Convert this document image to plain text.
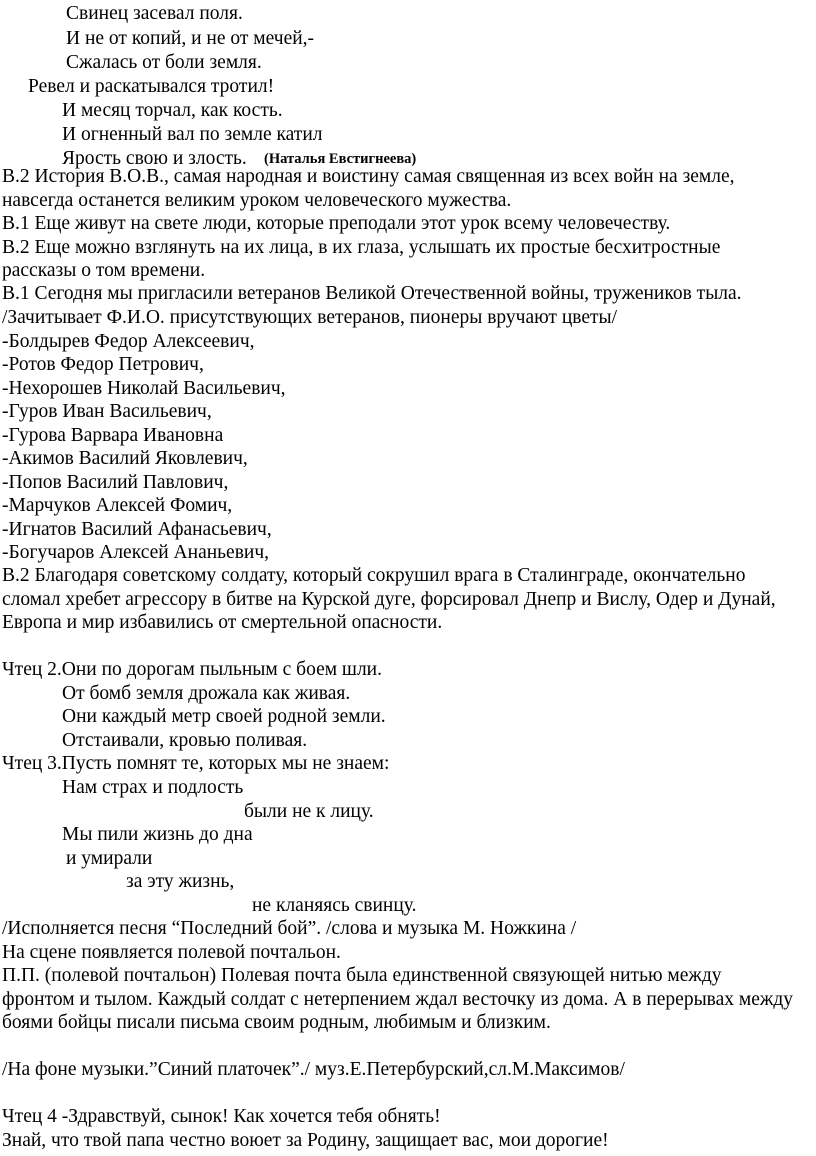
Свинец засевал поля.
И не от копий, и не от мечей,-
Сжалась от боли земля.
Ревел и раскатывался тротил!
И месяц торчал, как кость.
И огненный вал по земле катил
Ярость свою и злость. (Наталья Евстигнеева)
В.2 История В.О.В., самая народная и воистину самая священная из всех войн на земле,
навсегда останется великим уроком человеческого мужества.
В.1 Еще живут на свете люди, которые преподали этот урок всему человечеству.
В.2 Еще можно взглянуть на их лица, в их глаза, услышать их простые бесхитростные
рассказы о том времени.
В.1 Сегодня мы пригласили ветеранов Великой Отечественной войны, тружеников тыла.
/Зачитывает Ф.И.О. присутствующих ветеранов, пионеры вручают цветы/
-Болдырев Федор Алексеевич,
-Ротов Федор Петрович,
-Нехорошев Николай Васильевич,
-Гуров Иван Васильевич,
-Гурова Варвара Ивановна
-Акимов Василий Яковлевич,
-Попов Василий Павлович,
-Марчуков Алексей Фомич,
-Игнатов Василий Афанасьевич,
-Богучаров Алексей Ананьевич,
В.2 Благодаря советскому солдату, который сокрушил врага в Сталинграде, окончательно
сломал хребет агрессору в битве на Курской дуге, форсировал Днепр и Вислу, Одер и Дунай,
Европа и мир избавились от смертельной опасности.
Чтец 2.Они по дорогам пыльным с боем шли.
От бомб земля дрожала как живая.
Они каждый метр своей родной земли.
Отстаивали, кровью поливая.
Чтец 3.Пусть помнят те, которых мы не знаем:
Нам страх и подлость
были не к лицу.
Мы пили жизнь до дна
и умирали
за эту жизнь,
не кланяясь свинцу.
/Исполняется песня “Последний бой”. /слова и музыка М. Ножкина /
На сцене появляется полевой почтальон.
П.П. (полевой почтальон) Полевая почта была единственной связующей нитью между
фронтом и тылом. Каждый солдат с нетерпением ждал весточку из дома. А в перерывах между
боями бойцы писали письма своим родным, любимым и близким.
/На фоне музыки.”Синий платочек”./ муз.Е.Петербурский,сл.М.Максимов/
Чтец 4 -Здравствуй, сынок! Как хочется тебя обнять!
Знай, что твой папа честно воюет за Родину, защищает вас, мои дорогие!
